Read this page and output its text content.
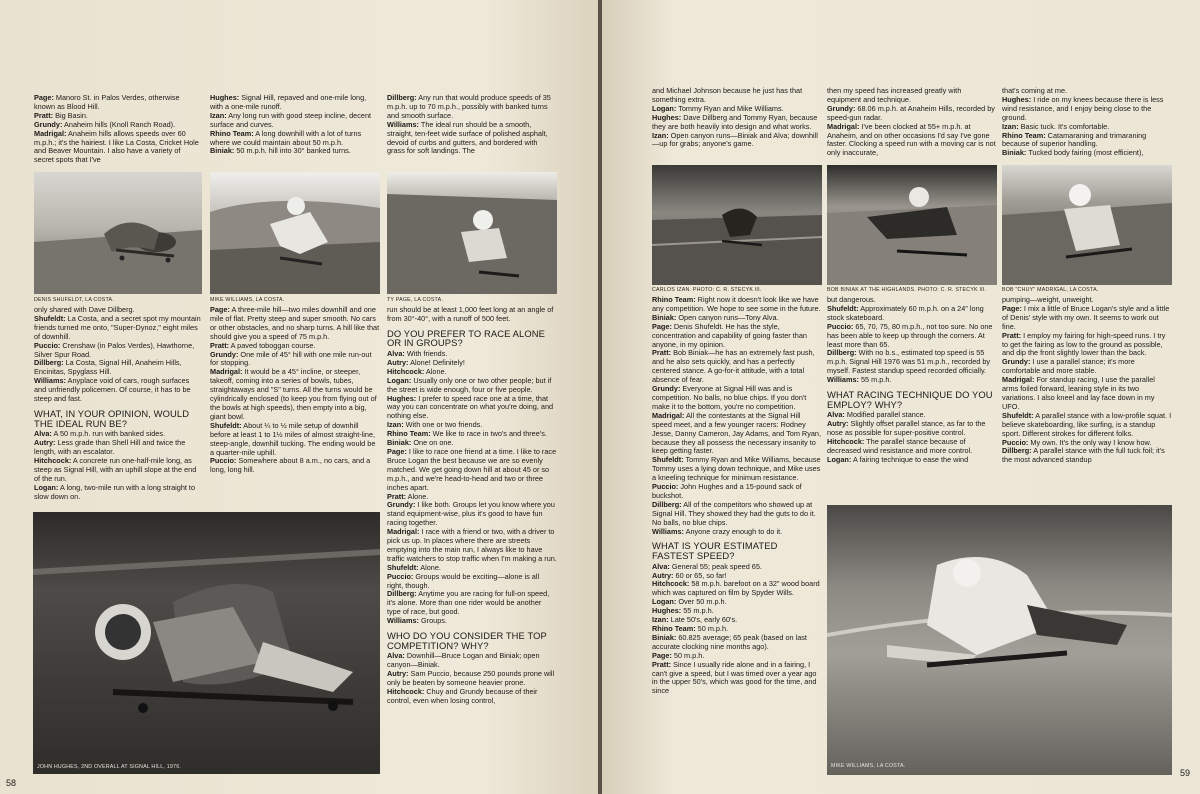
Page: Manoro St. in Palos Verdes, otherwise known as Blood Hill.

Pratt: Big Basin.

Grundy: Anaheim hills (Knoll Ranch Road).

Madrigal: Anaheim hills allows speeds over 60 m.p.h.; it's the hairiest. I like La Costa, Cricket Hole and Beaver Mountain. I also have a variety of secret spots that I've

Hughes: Signal Hill, repaved and one-mile long, with a one-mile runoff.

Izan: Any long run with good steep incline, decent surface and curves.

Rhino Team: A long downhill with a lot of turns where we could maintain about 50 m.p.h.

Biniak: 50 m.p.h. hill into 30° banked turns.

Dillberg: Any run that would produce speeds of 35 m.p.h. up to 70 m.p.h., possibly with banked turns and smooth surface.

Williams: The ideal run should be a smooth, straight, ten-feet wide surface of polished asphalt, devoid of curbs and gutters, and bordered with grass for soft landings. The

DENIS SHUFELDT, LA COSTA.	MIKE WILLIAMS, LA COSTA.	TY PAGE, LA COSTA.

only shared with Dave Dillberg.

Shufeldt: La Costa, and a secret spot my mountain friends turned me onto, "Super-Dynoz," eight miles of downhill.

Puccio: Crenshaw (in Palos Verdes), Hawthorne, Silver Spur Road.

Dillberg: La Costa, Signal Hill, Anaheim Hills, Encinitas, Spyglass Hill.

Williams: Anyplace void of cars, rough surfaces and unfriendly policemen. Of course, it has to be steep and fast.

WHAT, IN YOUR OPINION, WOULD THE IDEAL RUN BE?

Alva: A 50 m.p.h. run with banked sides.

Autry: Less grade than Shell Hill and twice the length, with an escalator.

Hitchcock: A concrete run one-half-mile long, as steep as Signal Hill, with an uphill slope at the end of the run.

Logan: A long, two-mile run with a long straight to slow down on.

Page: A three-mile hill—two miles downhill and one mile of flat. Pretty steep and super smooth. No cars or other obstacles, and no sharp turns. A hill like that should give you a speed of 75 m.p.h.

Pratt: A paved toboggan course.

Grundy: One mile of 45° hill with one mile run-out for stopping.

Madrigal: It would be a 45° incline, or steeper, takeoff, coming into a series of bowls, tubes, straightaways and "S" turns. All the turns would be cylindrically enclosed (to keep you from flying out of the bowls at high speeds), then empty into a big, giant bowl.

Shufeldt: About ¼ to ½ mile setup of downhill before at least 1 to 1½ miles of almost straight-line, steep-angle, downhill tucking. The ending would be a quarter-mile uphill.

Puccio: Somewhere about 8 a.m., no cars, and a long, long hill.

run should be at least 1,000 feet long at an angle of from 30°-40°, with a runoff of 500 feet.

DO YOU PREFER TO RACE ALONE OR IN GROUPS?

Alva: With friends.

Autry: Alone! Definitely!

Hitchcock: Alone.

Logan: Usually only one or two other people; but if the street is wide enough, four or five people.

Hughes: I prefer to speed race one at a time, that way you can concentrate on what you're doing, and nothing else.

Izan: With one or two friends.

Rhino Team: We like to race in two's and three's.

Biniak: One on one.

Page: I like to race one friend at a time. I like to race Bruce Logan the best because we are so evenly matched. We get going down hill at about 45 or so m.p.h., and we're head-to-head and two or three inches apart.

Pratt: Alone.

Grundy: I like both. Groups let you know where you stand equipment-wise, plus it's good to have fun racing together.

Madrigal: I race with a friend or two, with a driver to pick us up. In places where there are streets emptying into the main run, I always like to have traffic watchers to stop traffic when I'm making a run.

Shufeldt: Alone.

Puccio: Groups would be exciting—alone is all right, though.

Dillberg: Anytime you are racing for full-on speed, it's alone. More than one rider would be another type of race, but good.

Williams: Groups.

WHO DO YOU CONSIDER THE TOP COMPETITION? WHY?

Alva: Downhill—Bruce Logan and Biniak; open canyon—Biniak.

Autry: Sam Puccio, because 250 pounds prone will only be beaten by someone heavier prone.

Hitchcock: Chuy and Grundy because of their control, even when losing control,

JOHN HUGHES, 2ND OVERALL AT SIGNAL HILL, 1976.
58

and Michael Johnson because he just has that something extra.

Logan: Tommy Ryan and Mike Williams.

Hughes: Dave Dillberg and Tommy Ryan, because they are both heavily into design and what works.

Izan: Open canyon runs—Biniak and Alva; downhill—up for grabs; anyone's game.

then my speed has increased greatly with equipment and technique.

Grundy: 68.06 m.p.h. at Anaheim Hills, recorded by speed-gun radar.

Madrigal: I've been clocked at 55+ m.p.h. at Anaheim, and on other occasions I'd say I've gone faster. Clocking a speed run with a moving car is not only inaccurate,

that's coming at me.

Hughes: I ride on my knees because there is less wind resistance, and I enjoy being close to the ground.

Izan: Basic tuck. It's comfortable.

Rhino Team: Catamaraning and trimaraning because of superior handling.

Biniak: Tucked body fairing (most efficient),

CARLOS IZAN. PHOTO: C. R. STECYK III.	BOB BINIAK AT THE HIGHLANDS. PHOTO: C. R. STECYK III.	BOB "CHUY" MADRIGAL, LA COSTA.

Rhino Team: Right now it doesn't look like we have any competition. We hope to see some in the future.

Biniak: Open canyon runs—Tony Alva.

Page: Denis Shufeldt. He has the style, concentration and capability of going faster than anyone, in my opinion.

Pratt: Bob Biniak—he has an extremely fast push, and he also sets quickly, and has a perfectly centered stance. A go-for-it attitude, with a total absence of fear.

Grundy: Everyone at Signal Hill was and is competition. No balls, no blue chips. If you don't make it to the bottom, you're no competition.

Madrigal: All the contestants at the Signal Hill speed meet, and a few younger racers: Rodney Jesse, Danny Cameron, Jay Adams, and Tom Ryan, because they all possess the necessary insanity to keep getting faster.

Shufeldt: Tommy Ryan and Mike Williams, because Tommy uses a lying down technique, and Mike uses a kneeling technique for minimum resistance.

Puccio: John Hughes and a 15-pound sack of buckshot.

Dillberg: All of the competitors who showed up at Signal Hill. They showed they had the guts to do it. No balls, no blue chips.

Williams: Anyone crazy enough to do it.

WHAT IS YOUR ESTIMATED FASTEST SPEED?

Alva: General 55; peak speed 65.

Autry: 60 or 65, so far!

Hitchcock: 58 m.p.h. barefoot on a 32" wood board which was captured on film by Spyder Wills.

Logan: Over 50 m.p.h.

Hughes: 55 m.p.h.

Izan: Late 50's, early 60's.

Rhino Team: 50 m.p.h.

Biniak: 60.825 average; 65 peak (based on last accurate clocking nine months ago).

Page: 50 m.p.h.

Pratt: Since I usually ride alone and in a fairing, I can't give a speed, but I was timed over a year ago in the upper 50's, which was good for the time, and since

but dangerous.

Shufeldt: Approximately 60 m.p.h. on a 24" long stock skateboard.

Puccio: 65, 70, 75, 80 m.p.h., not too sure. No one has been able to keep up through the corners. At least more than 65.

Dillberg: With no b.s., estimated top speed is 55 m.p.h. Signal Hill 1976 was 51 m.p.h., recorded by myself. Fastest standup speed recorded officially.

Williams: 55 m.p.h.

WHAT RACING TECHNIQUE DO YOU EMPLOY? WHY?

Alva: Modified parallel stance.

Autry: Slightly offset parallel stance, as far to the nose as possible for super-positive control.

Hitchcock: The parallel stance because of decreased wind resistance and more control.

Logan: A fairing technique to ease the wind

pumping—weight, unweight.

Page: I mix a little of Bruce Logan's style and a little of Denis' style with my own. It seems to work out fine.

Pratt: I employ my fairing for high-speed runs. I try to get the fairing as low to the ground as possible, and dip the front slightly lower than the back.

Grundy: I use a parallel stance; it's more comfortable and more stable.

Madrigal: For standup racing, I use the parallel arms foiled forward, leaning style in its two variations. I also kneel and lay face down in my UFO.

Shufeldt: A parallel stance with a low-profile squat. I believe skateboarding, like surfing, is a standup sport. Different strokes for different folks.

Puccio: My own. It's the only way I know how.

Dillberg: A parallel stance with the full tuck foil; it's the most advanced standup

MIKE WILLIAMS, LA COSTA.
59
